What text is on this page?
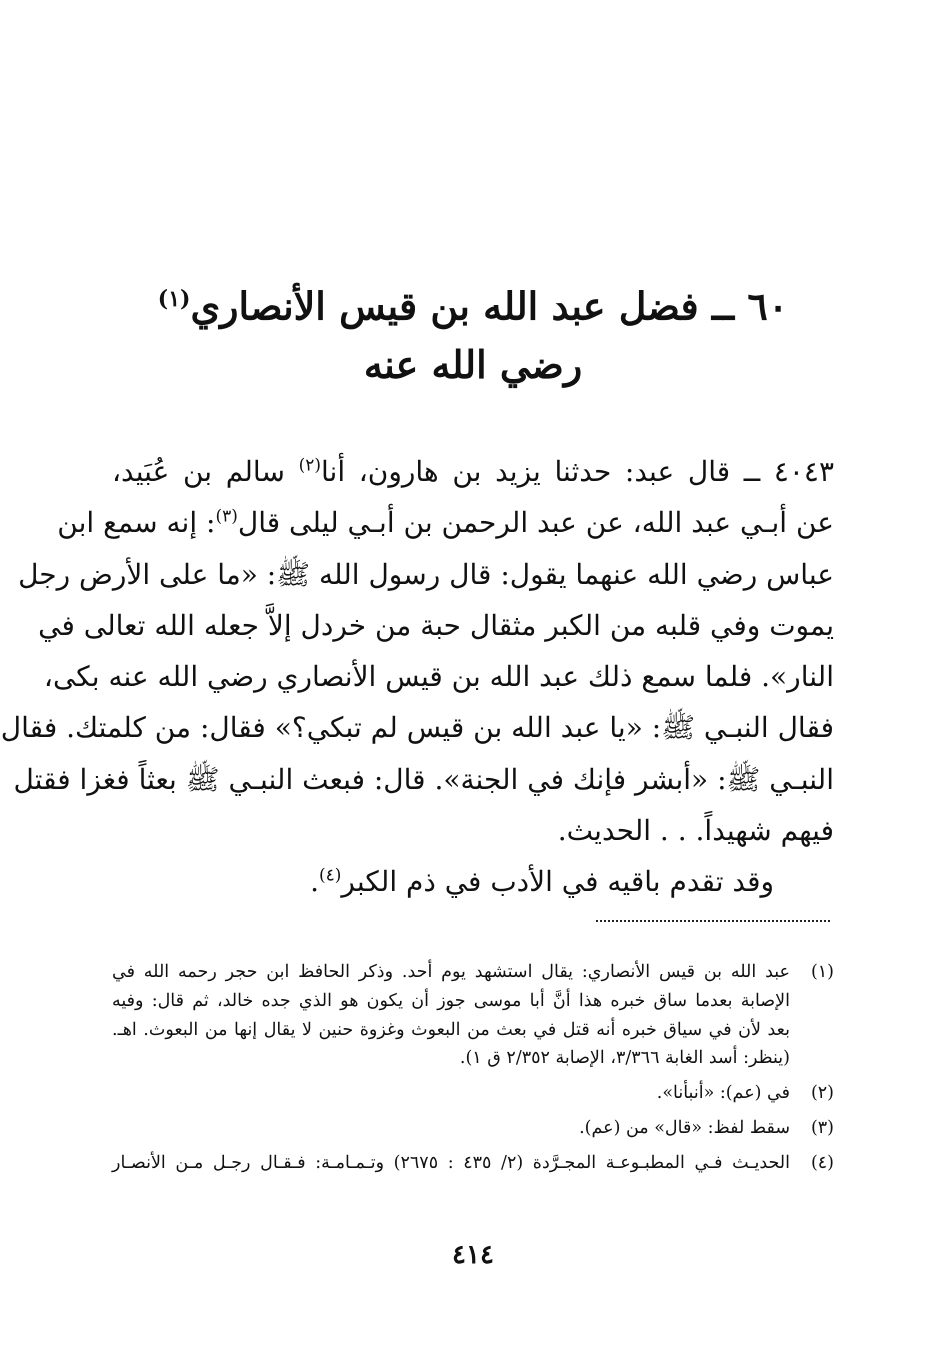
٦٠ ــ فضل عبد الله بن قيس الأنصاري$^{(١)}$
رضي الله عنه
٤٠٤٣ ــ قال عبد: حدثنا يزيد بن هارون، أنا$^{(٢)}$ سالم بن عُبَيد،
عن أبـي عبد الله، عن عبد الرحمن بن أبـي ليلى قال$^{(٣)}$: إنه سمع ابن
عباس رضي الله عنهما يقول: قال رسول الله ﷺ: «ما على الأرض رجل
يموت وفي قلبه من الكبر مثقال حبة من خردل إلاَّ جعله الله تعالى في
النار». فلما سمع ذلك عبد الله بن قيس الأنصاري رضي الله عنه بكى،
فقال النبـي ﷺ: «يا عبد الله بن قيس لم تبكي؟» فقال: من كلمتك. فقال
النبـي ﷺ: «أبشر فإنك في الجنة». قال: فبعث النبـي ﷺ بعثاً فغزا فقتل
فيهم شهيداً. . . الحديث.
وقد تقدم باقيه في الأدب في ذم الكبر$^{(٤)}$.
(١)
عبد الله بن قيس الأنصاري: يقال استشهد يوم أحد. وذكر الحافظ ابن حجر رحمه الله في
الإصابة بعدما ساق خبره هذا أنَّ أبا موسى جوز أن يكون هو الذي جده خالد، ثم قال: وفيه
بعد لأن في سياق خبره أنه قتل في بعث من البعوث وغزوة حنين لا يقال إنها من البعوث. اهـ.
(ينظر: أسد الغابة ٣/٣٦٦، الإصابة ٢/٣٥٢ ق ١).
(٢)
في (عم): «أنبأنا».
(٣)
سقط لفظ: «قال» من (عم).
(٤)
الحديـث فـي المطبـوعـة المجـرَّدة (٢/ ٤٣٥ : ٢٦٧٥) وتـمـامـة: فـقـال رجـل مـن الأنصـار
٤١٤
